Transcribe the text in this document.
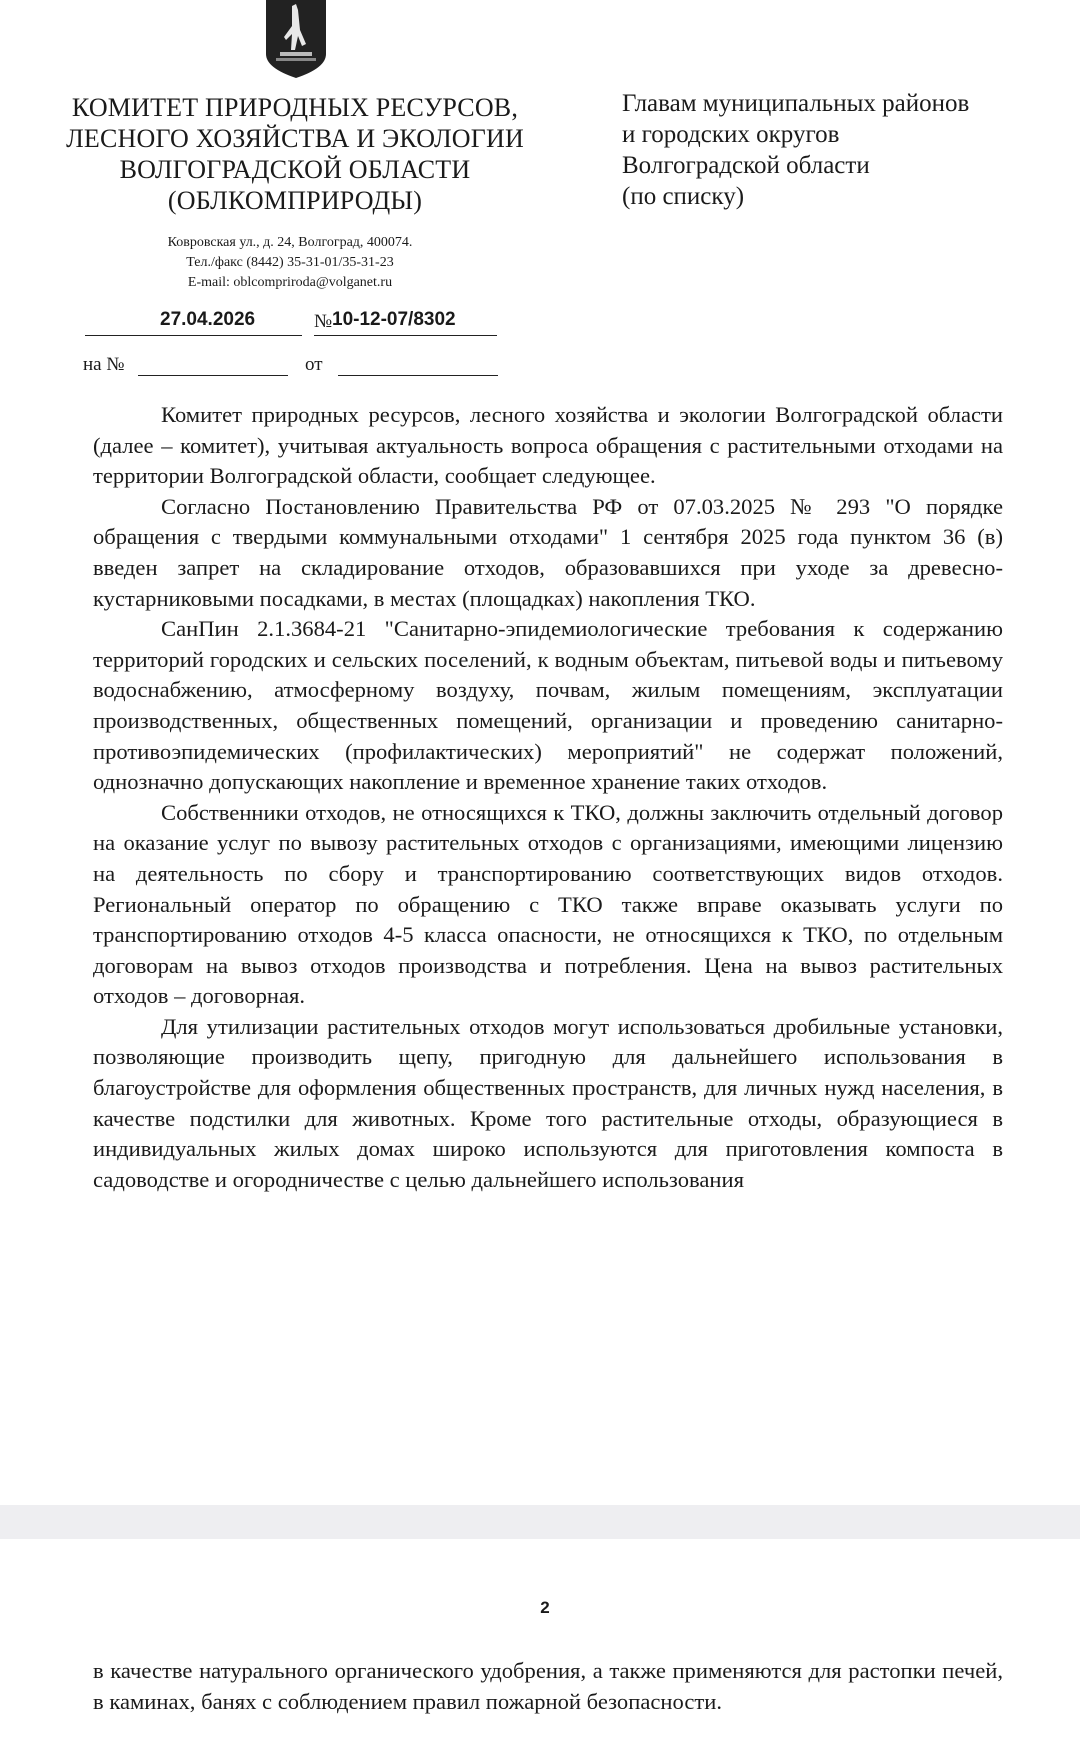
КОМИТЕТ ПРИРОДНЫХ РЕСУРСОВ,
ЛЕСНОГО ХОЗЯЙСТВА И ЭКОЛОГИИ
ВОЛГОГРАДСКОЙ ОБЛАСТИ
(ОБЛКОМПРИРОДЫ)
Ковровская ул., д. 24, Волгоград, 400074.
Тел./факс (8442) 35-31-01/35-31-23
E-mail: oblcompriroda@volganet.ru
Главам муниципальных районов
и городских округов
Волгоградской области
(по списку)
27.04.2026	№ 10-12-07/8302
на №	от

Комитет природных ресурсов, лесного хозяйства и экологии Волгоградской области (далее – комитет), учитывая актуальность вопроса обращения с растительными отходами на территории Волгоградской области, сообщает следующее.

Согласно Постановлению Правительства РФ от 07.03.2025 № 293 "О порядке обращения с твердыми коммунальными отходами" 1 сентября 2025 года пунктом 36 (в) введен запрет на складирование отходов, образовавшихся при уходе за древесно-кустарниковыми посадками, в местах (площадках) накопления ТКО.

СанПин 2.1.3684-21 "Санитарно-эпидемиологические требования к содержанию территорий городских и сельских поселений, к водным объектам, питьевой воды и питьевому водоснабжению, атмосферному воздуху, почвам, жилым помещениям, эксплуатации производственных, общественных помещений, организации и проведению санитарно-противоэпидемических (профилактических) мероприятий" не содержат положений, однозначно допускающих накопление и временное хранение таких отходов.

Собственники отходов, не относящихся к ТКО, должны заключить отдельный договор на оказание услуг по вывозу растительных отходов с организациями, имеющими лицензию на деятельность по сбору и транспортированию соответствующих видов отходов. Региональный оператор по обращению с ТКО также вправе оказывать услуги по транспортированию отходов 4-5 класса опасности, не относящихся к ТКО, по отдельным договорам на вывоз отходов производства и потребления. Цена на вывоз растительных отходов – договорная.

Для утилизации растительных отходов могут использоваться дробильные установки, позволяющие производить щепу, пригодную для дальнейшего использования в благоустройстве для оформления общественных пространств, для личных нужд населения, в качестве подстилки для животных. Кроме того растительные отходы, образующиеся в индивидуальных жилых домах широко используются для приготовления компоста в садоводстве и огородничестве с целью дальнейшего использования

2

в качестве натурального органического удобрения, а также применяются для растопки печей, в каминах, банях с соблюдением правил пожарной безопасности.
